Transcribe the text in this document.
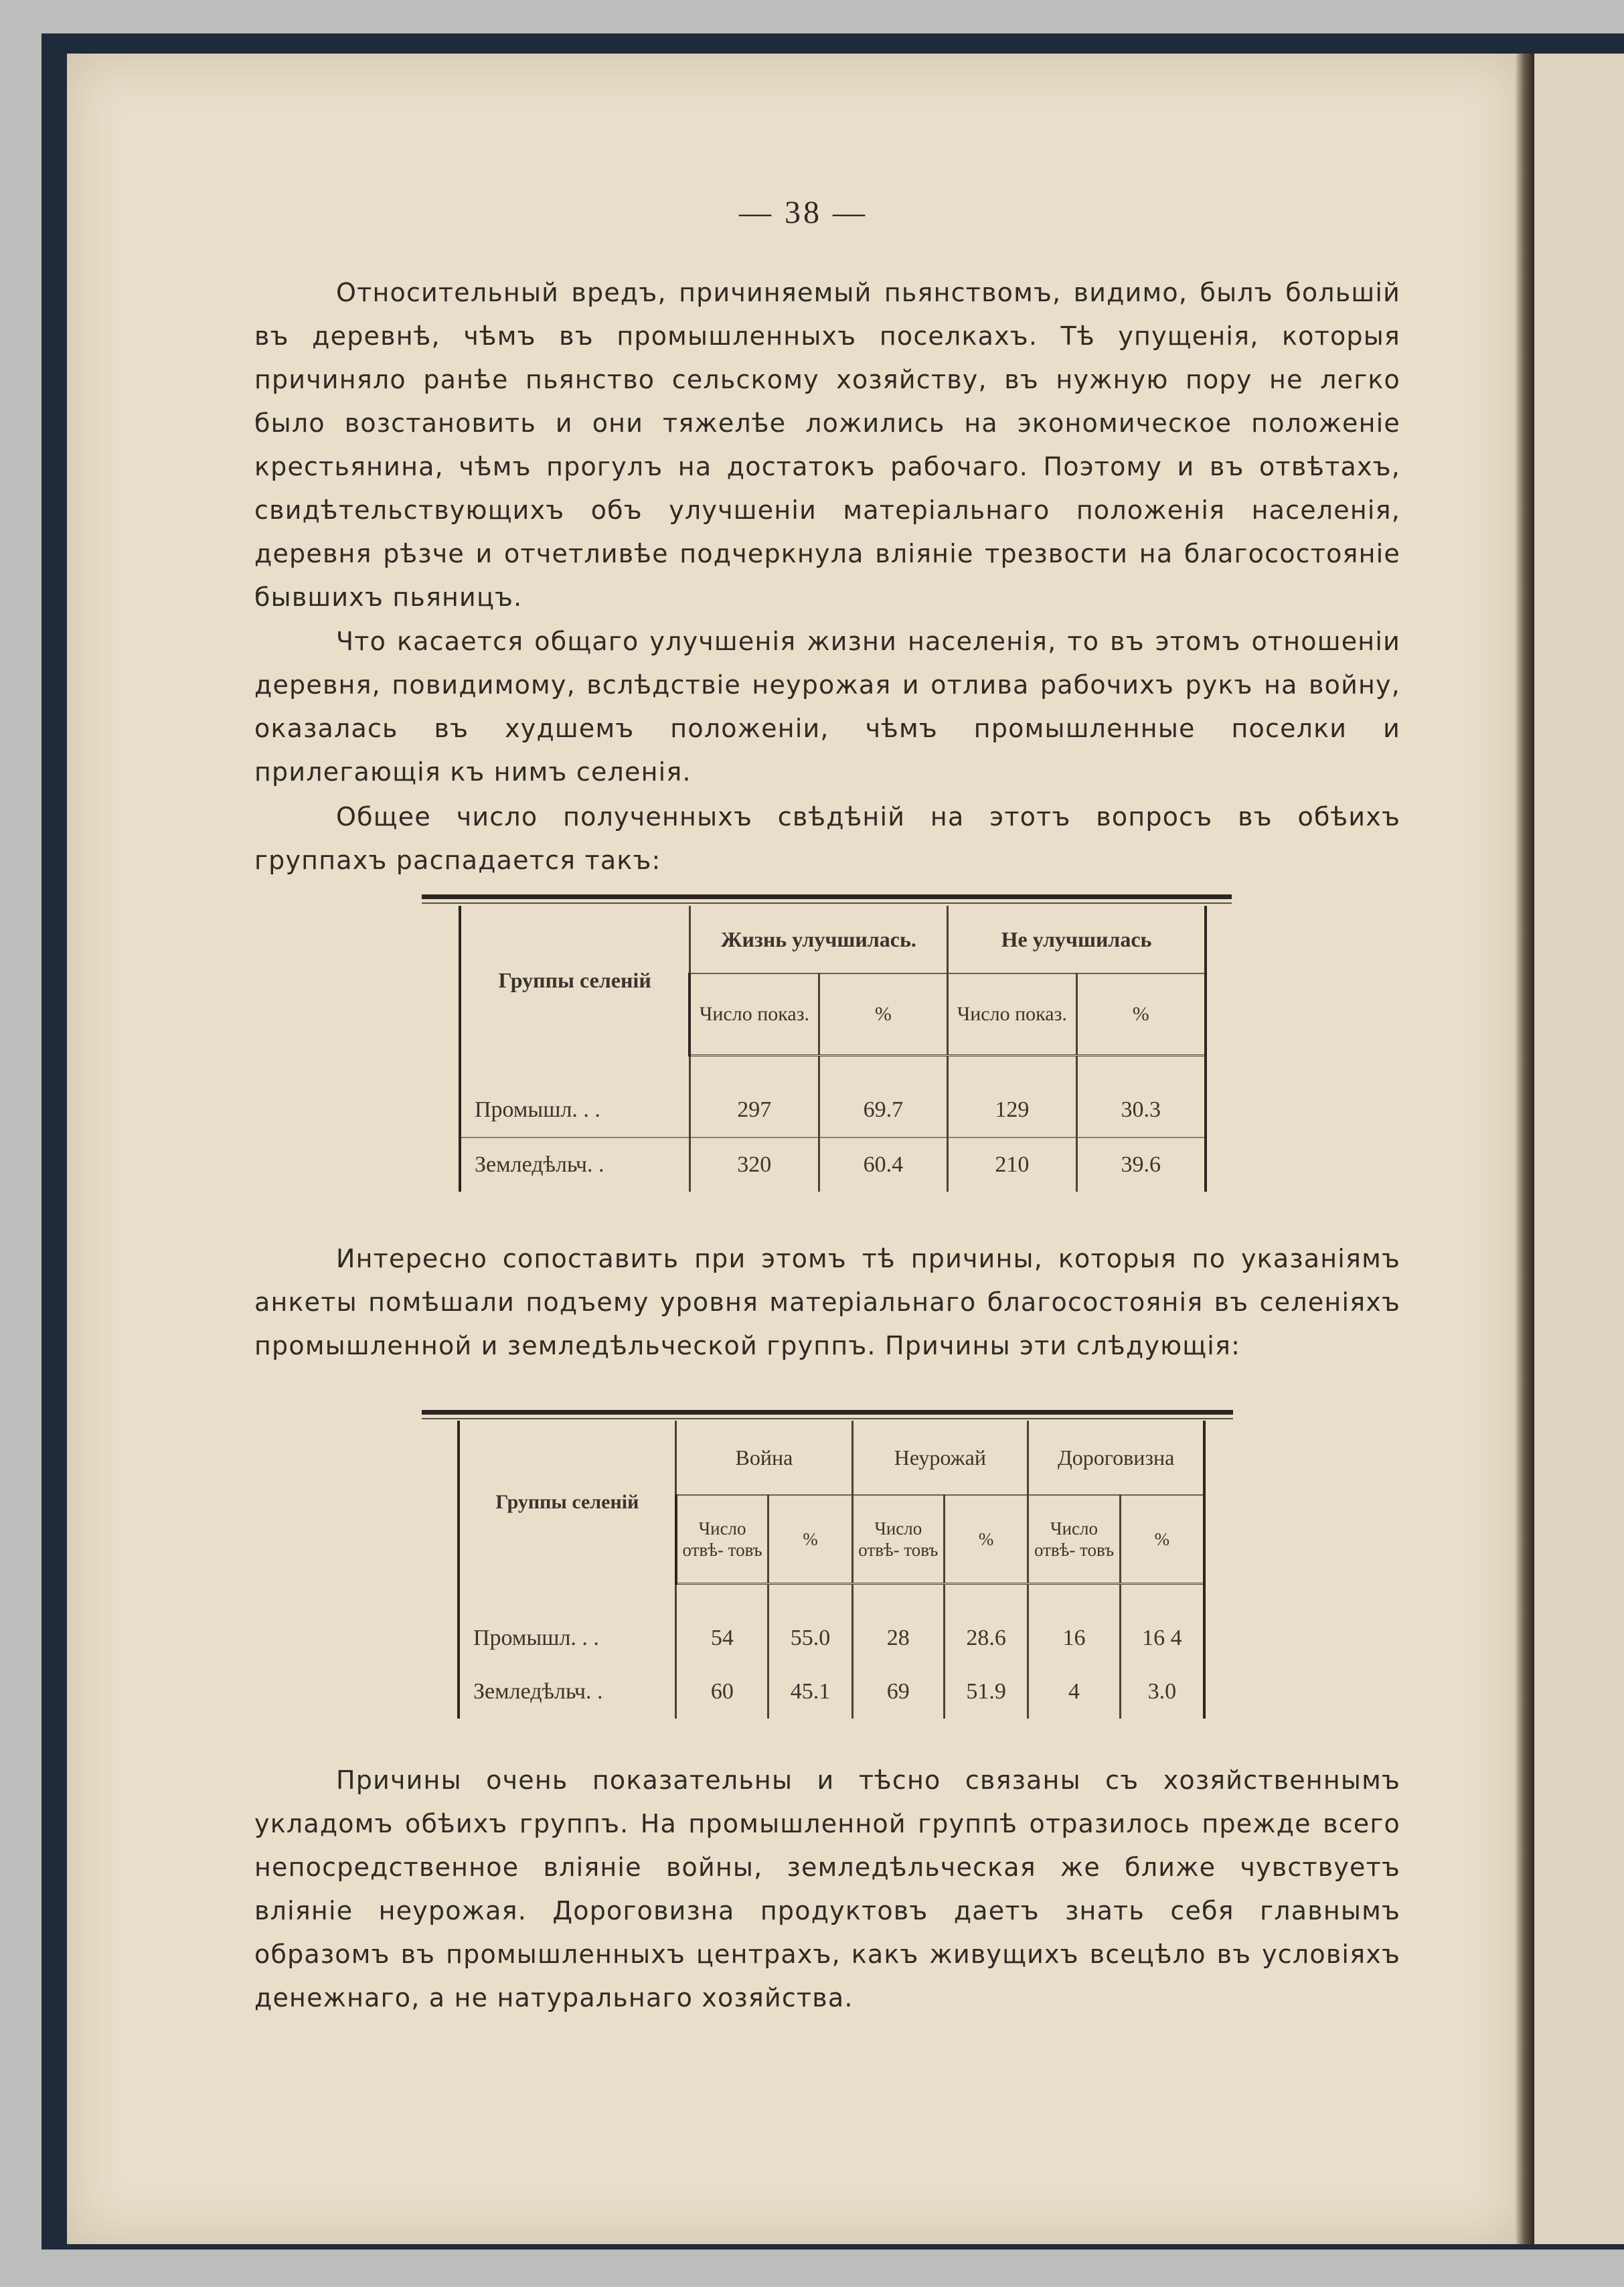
— 38 —

Относительный вредъ, причиняемый пьянствомъ, видимо, былъ большій въ деревнѣ, чѣмъ въ промышленныхъ поселкахъ. Тѣ упущенія, которыя причиняло ранѣе пьянство сельскому хозяйству, въ нужную пору не легко было возстановить и они тяжелѣе ложились на экономическое положеніе крестьянина, чѣмъ прогулъ на достатокъ рабочаго. Поэтому и въ отвѣтахъ, свидѣтельствующихъ объ улучшеніи матеріальнаго положенія населенія, деревня рѣзче и отчетливѣе подчеркнула вліяніе трезвости на благосостояніе бывшихъ пьяницъ.

Что касается общаго улучшенія жизни населенія, то въ этомъ отношеніи деревня, повидимому, вслѣдствіе неурожая и отлива рабочихъ рукъ на войну, оказалась въ худшемъ положеніи, чѣмъ промышленные поселки и прилегающія къ нимъ селенія.

Общее число полученныхъ свѣдѣній на этотъ вопросъ въ обѣихъ группахъ распадается такъ:

Группы селеній	Жизнь улучшилась.		Не улучшилась	
	Число показ.	%	Число показ.	%

Промышл. . .	297	69.7	129	30.3
Земледѣльч. .	320	60.4	210	39.6

Интересно сопоставить при этомъ тѣ причины, которыя по указаніямъ анкеты помѣшали подъему уровня матеріальнаго благосостоянія въ селеніяхъ промышленной и земледѣльческой группъ. Причины эти слѣдующія:

Группы селеній	Война		Неурожай		Дороговизна	
	Число отвѣ- товъ	%	Число отвѣ- товъ	%	Число отвѣ- товъ	%

Промышл. . .	54	55.0	28	28.6	16	16 4
Земледѣльч. .	60	45.1	69	51.9	4	3.0

Причины очень показательны и тѣсно связаны съ хозяйственнымъ укладомъ обѣихъ группъ. На промышленной группѣ отразилось прежде всего непосредственное вліяніе войны, земледѣльческая же ближе чувствуетъ вліяніе неурожая. Дороговизна продуктовъ даетъ знать себя главнымъ образомъ въ промышленныхъ центрахъ, какъ живущихъ всецѣло въ условіяхъ денежнаго, а не натуральнаго хозяйства.
